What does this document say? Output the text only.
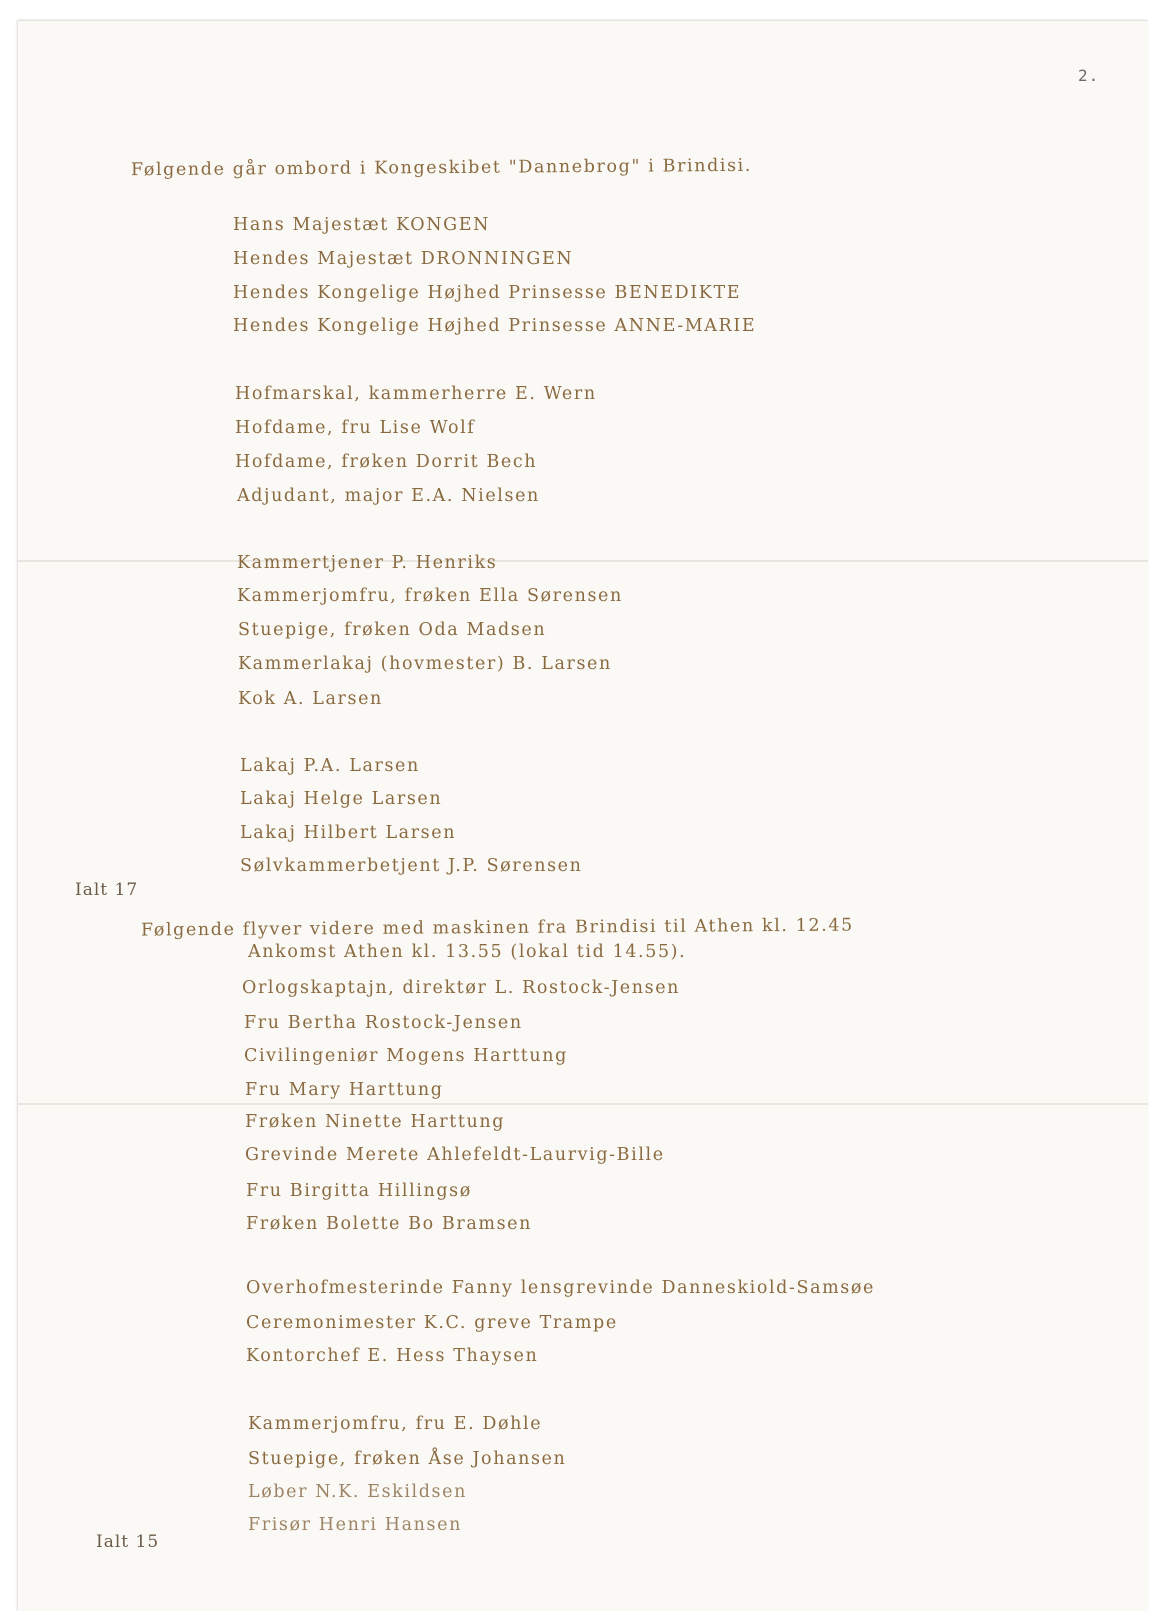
2.
Følgende går ombord i Kongeskibet "Dannebrog" i Brindisi.
Hans Majestæt KONGEN
Hendes Majestæt DRONNINGEN
Hendes Kongelige Højhed Prinsesse BENEDIKTE
Hendes Kongelige Højhed Prinsesse ANNE-MARIE
Hofmarskal, kammerherre E. Wern
Hofdame, fru Lise Wolf
Hofdame, frøken Dorrit Bech
Adjudant, major E.A. Nielsen
Kammertjener P. Henriks
Kammerjomfru, frøken Ella Sørensen
Stuepige, frøken Oda Madsen
Kammerlakaj (hovmester) B. Larsen
Kok A. Larsen
Lakaj P.A. Larsen
Lakaj Helge Larsen
Lakaj Hilbert Larsen
Sølvkammerbetjent J.P. Sørensen
Ialt 17
Følgende flyver videre med maskinen fra Brindisi til Athen kl. 12.45
Ankomst Athen kl. 13.55 (lokal tid 14.55).
Orlogskaptajn, direktør L. Rostock-Jensen
Fru Bertha Rostock-Jensen
Civilingeniør Mogens Harttung
Fru Mary Harttung
Frøken Ninette Harttung
Grevinde Merete Ahlefeldt-Laurvig-Bille
Fru Birgitta Hillingsø
Frøken Bolette Bo Bramsen
Overhofmesterinde Fanny lensgrevinde Danneskiold-Samsøe
Ceremonimester K.C. greve Trampe
Kontorchef E. Hess Thaysen
Kammerjomfru, fru E. Døhle
Stuepige, frøken Åse Johansen
Løber N.K. Eskildsen
Frisør Henri Hansen
Ialt 15
